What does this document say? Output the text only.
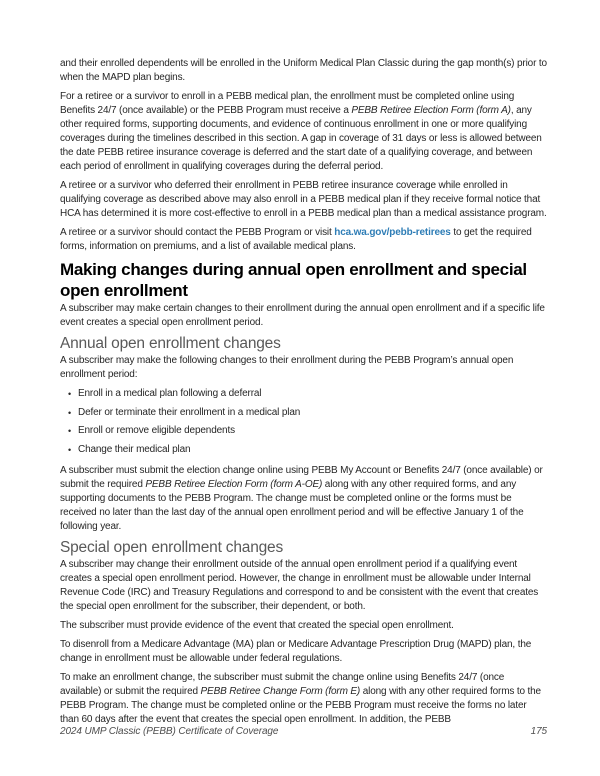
and their enrolled dependents will be enrolled in the Uniform Medical Plan Classic during the gap month(s) prior to when the MAPD plan begins.

For a retiree or a survivor to enroll in a PEBB medical plan, the enrollment must be completed online using Benefits 24/7 (once available) or the PEBB Program must receive a PEBB Retiree Election Form (form A), any other required forms, supporting documents, and evidence of continuous enrollment in one or more qualifying coverages during the timelines described in this section. A gap in coverage of 31 days or less is allowed between the date PEBB retiree insurance coverage is deferred and the start date of a qualifying coverage, and between each period of enrollment in qualifying coverages during the deferral period.

A retiree or a survivor who deferred their enrollment in PEBB retiree insurance coverage while enrolled in qualifying coverage as described above may also enroll in a PEBB medical plan if they receive formal notice that HCA has determined it is more cost-effective to enroll in a PEBB medical plan than a medical assistance program.

A retiree or a survivor should contact the PEBB Program or visit hca.wa.gov/pebb-retirees to get the required forms, information on premiums, and a list of available medical plans.

Making changes during annual open enrollment and special
open enrollment

A subscriber may make certain changes to their enrollment during the annual open enrollment and if a specific life event creates a special open enrollment period.

Annual open enrollment changes

A subscriber may make the following changes to their enrollment during the PEBB Program’s annual open enrollment period:

• Enroll in a medical plan following a deferral
• Defer or terminate their enrollment in a medical plan
• Enroll or remove eligible dependents
• Change their medical plan

A subscriber must submit the election change online using PEBB My Account or Benefits 24/7 (once available) or submit the required PEBB Retiree Election Form (form A-OE) along with any other required forms, and any supporting documents to the PEBB Program. The change must be completed online or the forms must be received no later than the last day of the annual open enrollment period and will be effective January 1 of the following year.

Special open enrollment changes

A subscriber may change their enrollment outside of the annual open enrollment period if a qualifying event creates a special open enrollment period. However, the change in enrollment must be allowable under Internal Revenue Code (IRC) and Treasury Regulations and correspond to and be consistent with the event that creates the special open enrollment for the subscriber, their dependent, or both.

The subscriber must provide evidence of the event that created the special open enrollment.

To disenroll from a Medicare Advantage (MA) plan or Medicare Advantage Prescription Drug (MAPD) plan, the change in enrollment must be allowable under federal regulations.

To make an enrollment change, the subscriber must submit the change online using Benefits 24/7 (once available) or submit the required PEBB Retiree Change Form (form E) along with any other required forms to the PEBB Program. The change must be completed online or the PEBB Program must receive the forms no later than 60 days after the event that creates the special open enrollment. In addition, the PEBB

2024 UMP Classic (PEBB) Certificate of Coverage	175
